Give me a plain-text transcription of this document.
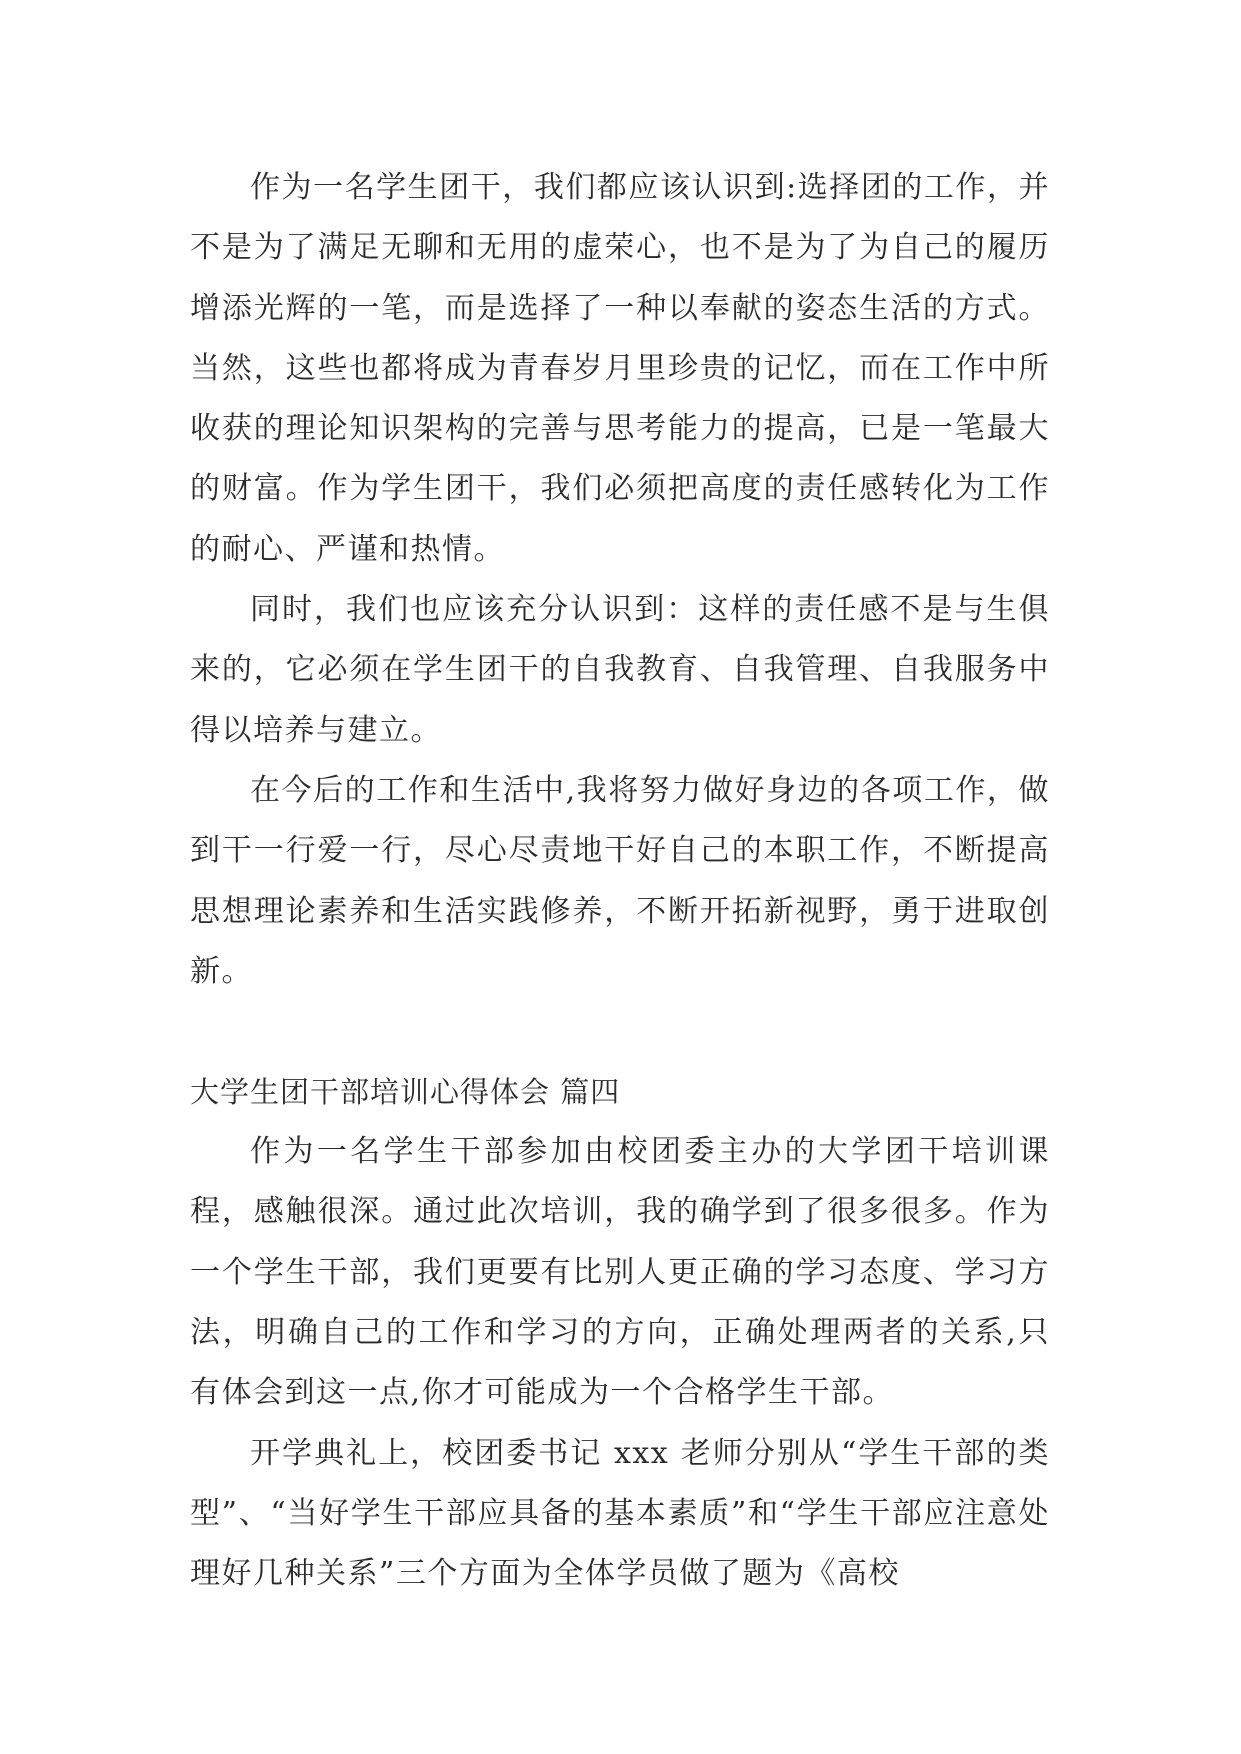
作为一名学生团干，我们都应该认识到:选择团的工作，并不是为了满足无聊和无用的虚荣心，也不是为了为自己的履历增添光辉的一笔，而是选择了一种以奉献的姿态生活的方式。当然，这些也都将成为青春岁月里珍贵的记忆，而在工作中所收获的理论知识架构的完善与思考能力的提高，已是一笔最大的财富。作为学生团干，我们必须把高度的责任感转化为工作的耐心、严谨和热情。

同时，我们也应该充分认识到：这样的责任感不是与生俱来的，它必须在学生团干的自我教育、自我管理、自我服务中得以培养与建立。

在今后的工作和生活中,我将努力做好身边的各项工作，做到干一行爱一行，尽心尽责地干好自己的本职工作，不断提高思想理论素养和生活实践修养，不断开拓新视野，勇于进取创新。

大学生团干部培训心得体会 篇四

作为一名学生干部参加由校团委主办的大学团干培训课程，感触很深。通过此次培训，我的确学到了很多很多。作为一个学生干部，我们更要有比别人更正确的学习态度、学习方法，明确自己的工作和学习的方向，正确处理两者的关系,只有体会到这一点,你才可能成为一个合格学生干部。

开学典礼上，校团委书记 xxx 老师分别从“学生干部的类型”、“当好学生干部应具备的基本素质”和“学生干部应注意处理好几种关系”三个方面为全体学员做了题为《高校
